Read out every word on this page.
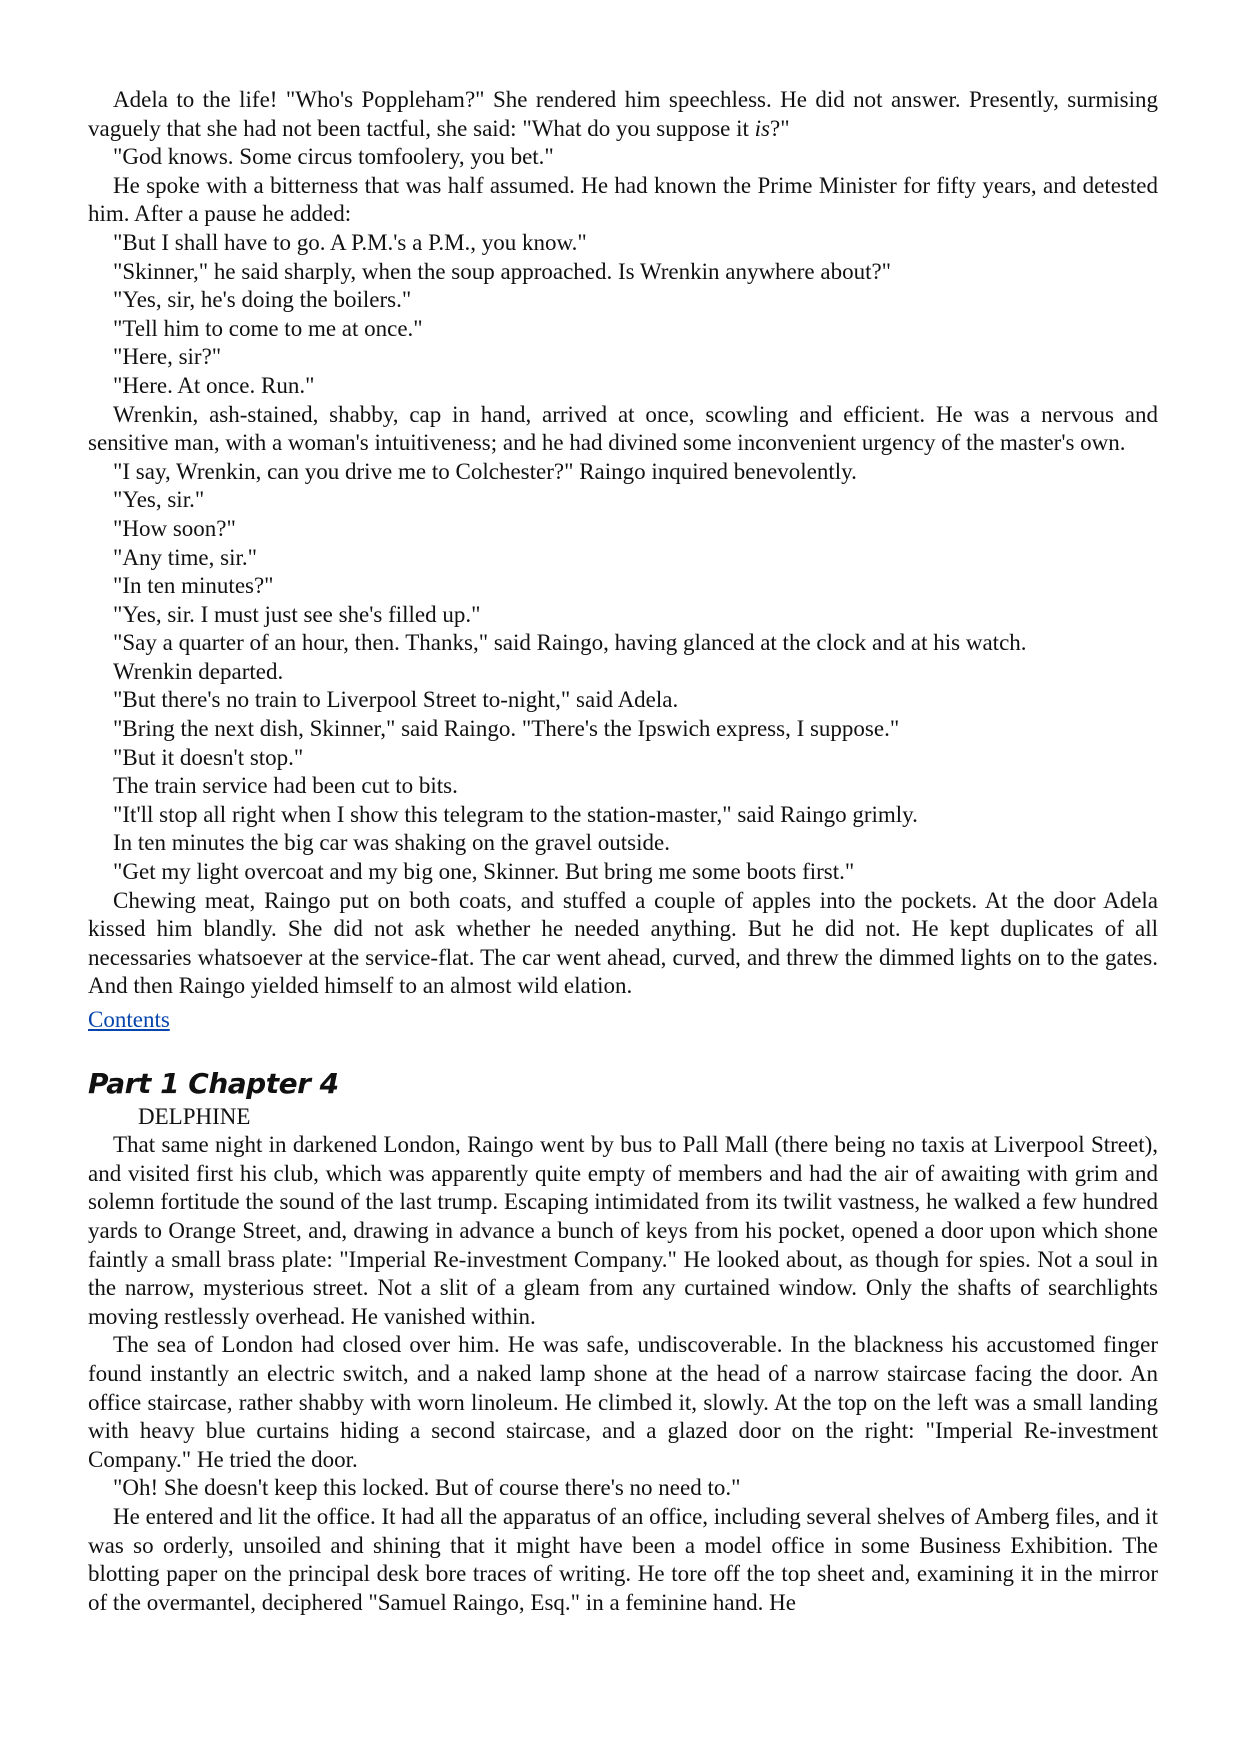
Adela to the life! "Who's Poppleham?" She rendered him speechless. He did not answer. Presently, surmising vaguely that she had not been tactful, she said: "What do you suppose it is?"

"God knows. Some circus tomfoolery, you bet."

He spoke with a bitterness that was half assumed. He had known the Prime Minister for fifty years, and detested him. After a pause he added:

"But I shall have to go. A P.M.'s a P.M., you know."

"Skinner," he said sharply, when the soup approached. Is Wrenkin anywhere about?"

"Yes, sir, he's doing the boilers."

"Tell him to come to me at once."

"Here, sir?"

"Here. At once. Run."

Wrenkin, ash-stained, shabby, cap in hand, arrived at once, scowling and efficient. He was a nervous and sensitive man, with a woman's intuitiveness; and he had divined some inconvenient urgency of the master's own.

"I say, Wrenkin, can you drive me to Colchester?" Raingo inquired benevolently.

"Yes, sir."

"How soon?"

"Any time, sir."

"In ten minutes?"

"Yes, sir. I must just see she's filled up."

"Say a quarter of an hour, then. Thanks," said Raingo, having glanced at the clock and at his watch.

Wrenkin departed.

"But there's no train to Liverpool Street to-night," said Adela.

"Bring the next dish, Skinner," said Raingo. "There's the Ipswich express, I suppose."

"But it doesn't stop."

The train service had been cut to bits.

"It'll stop all right when I show this telegram to the station-master," said Raingo grimly.

In ten minutes the big car was shaking on the gravel outside.

"Get my light overcoat and my big one, Skinner. But bring me some boots first."

Chewing meat, Raingo put on both coats, and stuffed a couple of apples into the pockets. At the door Adela kissed him blandly. She did not ask whether he needed anything. But he did not. He kept duplicates of all necessaries whatsoever at the service-flat. The car went ahead, curved, and threw the dimmed lights on to the gates. And then Raingo yielded himself to an almost wild elation.

Contents
Part 1 Chapter 4
DELPHINE

That same night in darkened London, Raingo went by bus to Pall Mall (there being no taxis at Liverpool Street), and visited first his club, which was apparently quite empty of members and had the air of awaiting with grim and solemn fortitude the sound of the last trump. Escaping intimidated from its twilit vastness, he walked a few hundred yards to Orange Street, and, drawing in advance a bunch of keys from his pocket, opened a door upon which shone faintly a small brass plate: "Imperial Re-investment Company." He looked about, as though for spies. Not a soul in the narrow, mysterious street. Not a slit of a gleam from any curtained window. Only the shafts of searchlights moving restlessly overhead. He vanished within.

The sea of London had closed over him. He was safe, undiscoverable. In the blackness his accustomed finger found instantly an electric switch, and a naked lamp shone at the head of a narrow staircase facing the door. An office staircase, rather shabby with worn linoleum. He climbed it, slowly. At the top on the left was a small landing with heavy blue curtains hiding a second staircase, and a glazed door on the right: "Imperial Re-investment Company." He tried the door.

"Oh! She doesn't keep this locked. But of course there's no need to."

He entered and lit the office. It had all the apparatus of an office, including several shelves of Amberg files, and it was so orderly, unsoiled and shining that it might have been a model office in some Business Exhibition. The blotting paper on the principal desk bore traces of writing. He tore off the top sheet and, examining it in the mirror of the overmantel, deciphered "Samuel Raingo, Esq." in a feminine hand. He
